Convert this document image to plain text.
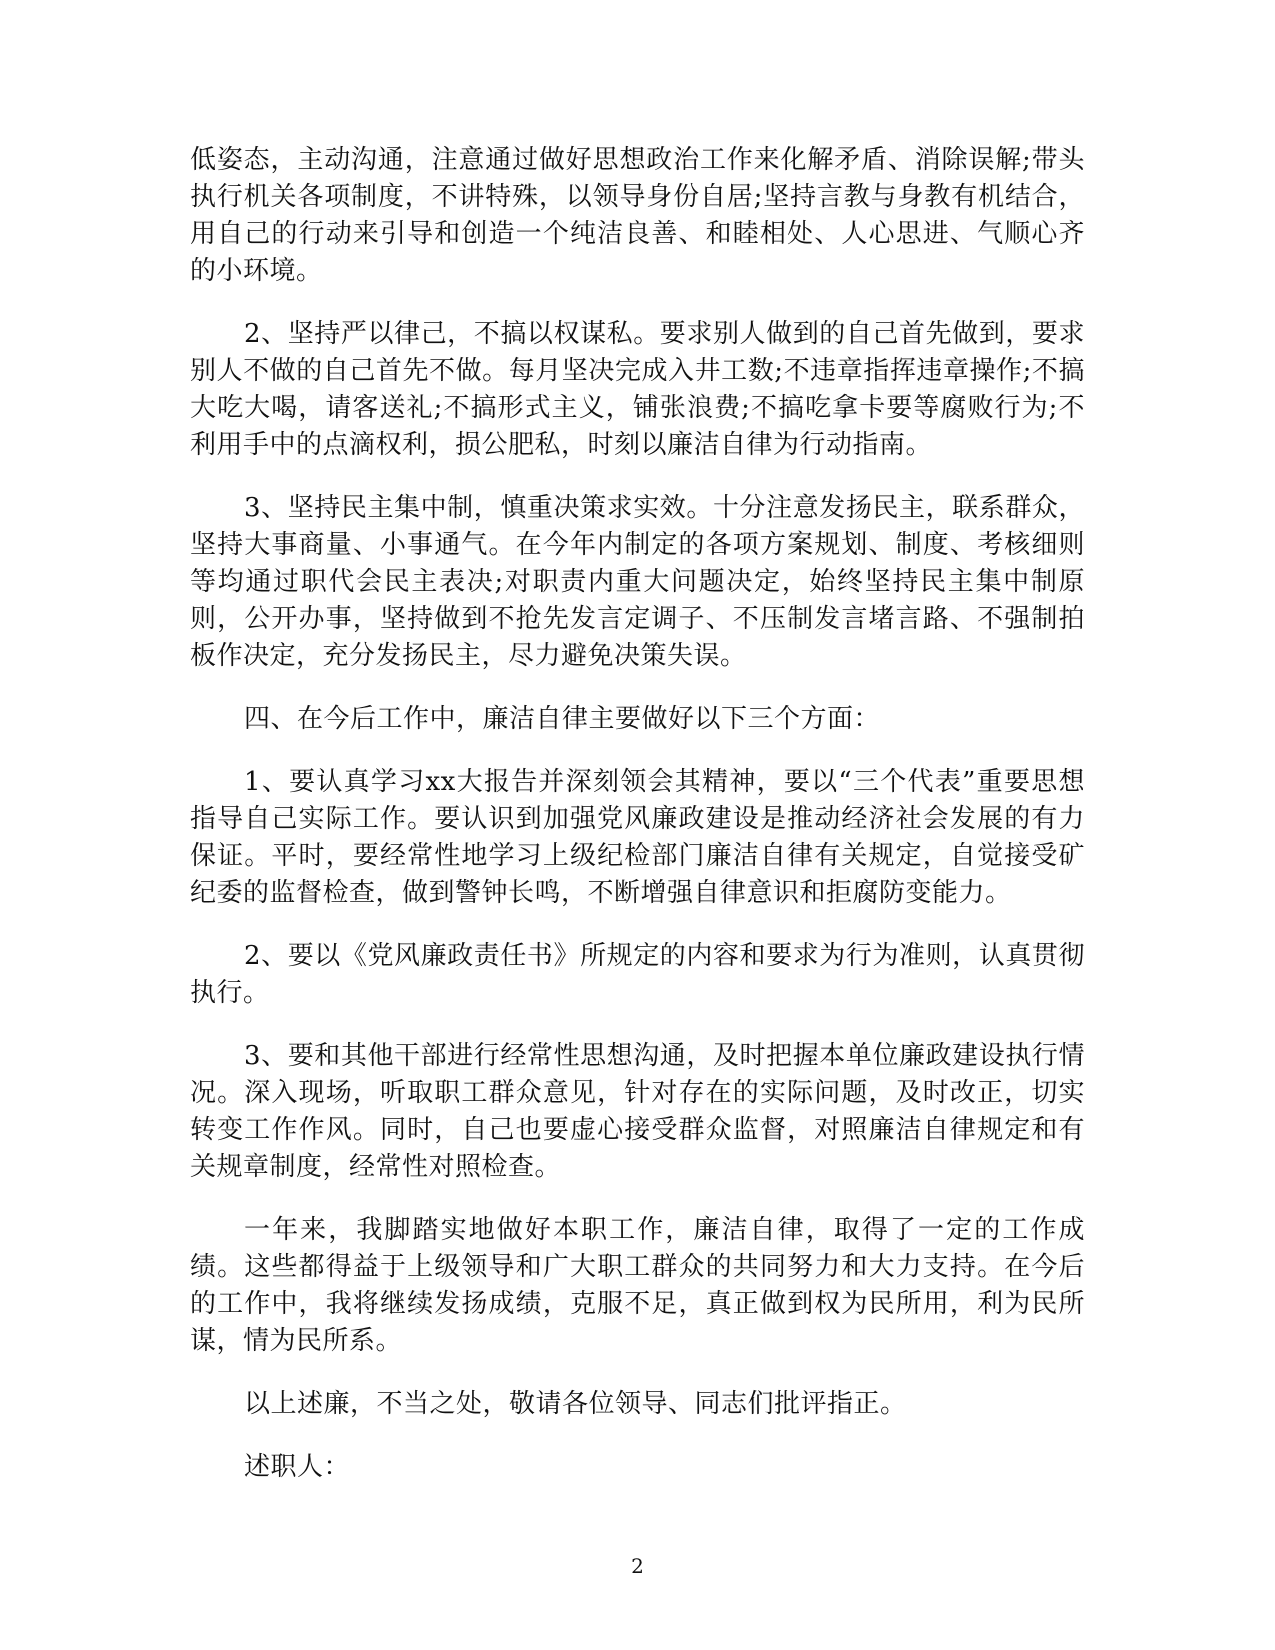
低姿态，主动沟通，注意通过做好思想政治工作来化解矛盾、消除误解;带头执行机关各项制度，不讲特殊，以领导身份自居;坚持言教与身教有机结合，用自己的行动来引导和创造一个纯洁良善、和睦相处、人心思进、气顺心齐的小环境。

2、坚持严以律己，不搞以权谋私。要求别人做到的自己首先做到，要求别人不做的自己首先不做。每月坚决完成入井工数;不违章指挥违章操作;不搞大吃大喝，请客送礼;不搞形式主义，铺张浪费;不搞吃拿卡要等腐败行为;不利用手中的点滴权利，损公肥私，时刻以廉洁自律为行动指南。

3、坚持民主集中制，慎重决策求实效。十分注意发扬民主，联系群众，坚持大事商量、小事通气。在今年内制定的各项方案规划、制度、考核细则等均通过职代会民主表决;对职责内重大问题决定，始终坚持民主集中制原则，公开办事，坚持做到不抢先发言定调子、不压制发言堵言路、不强制拍板作决定，充分发扬民主，尽力避免决策失误。

四、在今后工作中，廉洁自律主要做好以下三个方面：

1、要认真学习xx大报告并深刻领会其精神，要以“三个代表”重要思想指导自己实际工作。要认识到加强党风廉政建设是推动经济社会发展的有力保证。平时，要经常性地学习上级纪检部门廉洁自律有关规定，自觉接受矿纪委的监督检查，做到警钟长鸣，不断增强自律意识和拒腐防变能力。

2、要以《党风廉政责任书》所规定的内容和要求为行为准则，认真贯彻执行。

3、要和其他干部进行经常性思想沟通，及时把握本单位廉政建设执行情况。深入现场，听取职工群众意见，针对存在的实际问题，及时改正，切实转变工作作风。同时，自己也要虚心接受群众监督，对照廉洁自律规定和有关规章制度，经常性对照检查。

一年来，我脚踏实地做好本职工作，廉洁自律，取得了一定的工作成绩。这些都得益于上级领导和广大职工群众的共同努力和大力支持。在今后的工作中，我将继续发扬成绩，克服不足，真正做到权为民所用，利为民所谋，情为民所系。

以上述廉，不当之处，敬请各位领导、同志们批评指正。

述职人：

2
